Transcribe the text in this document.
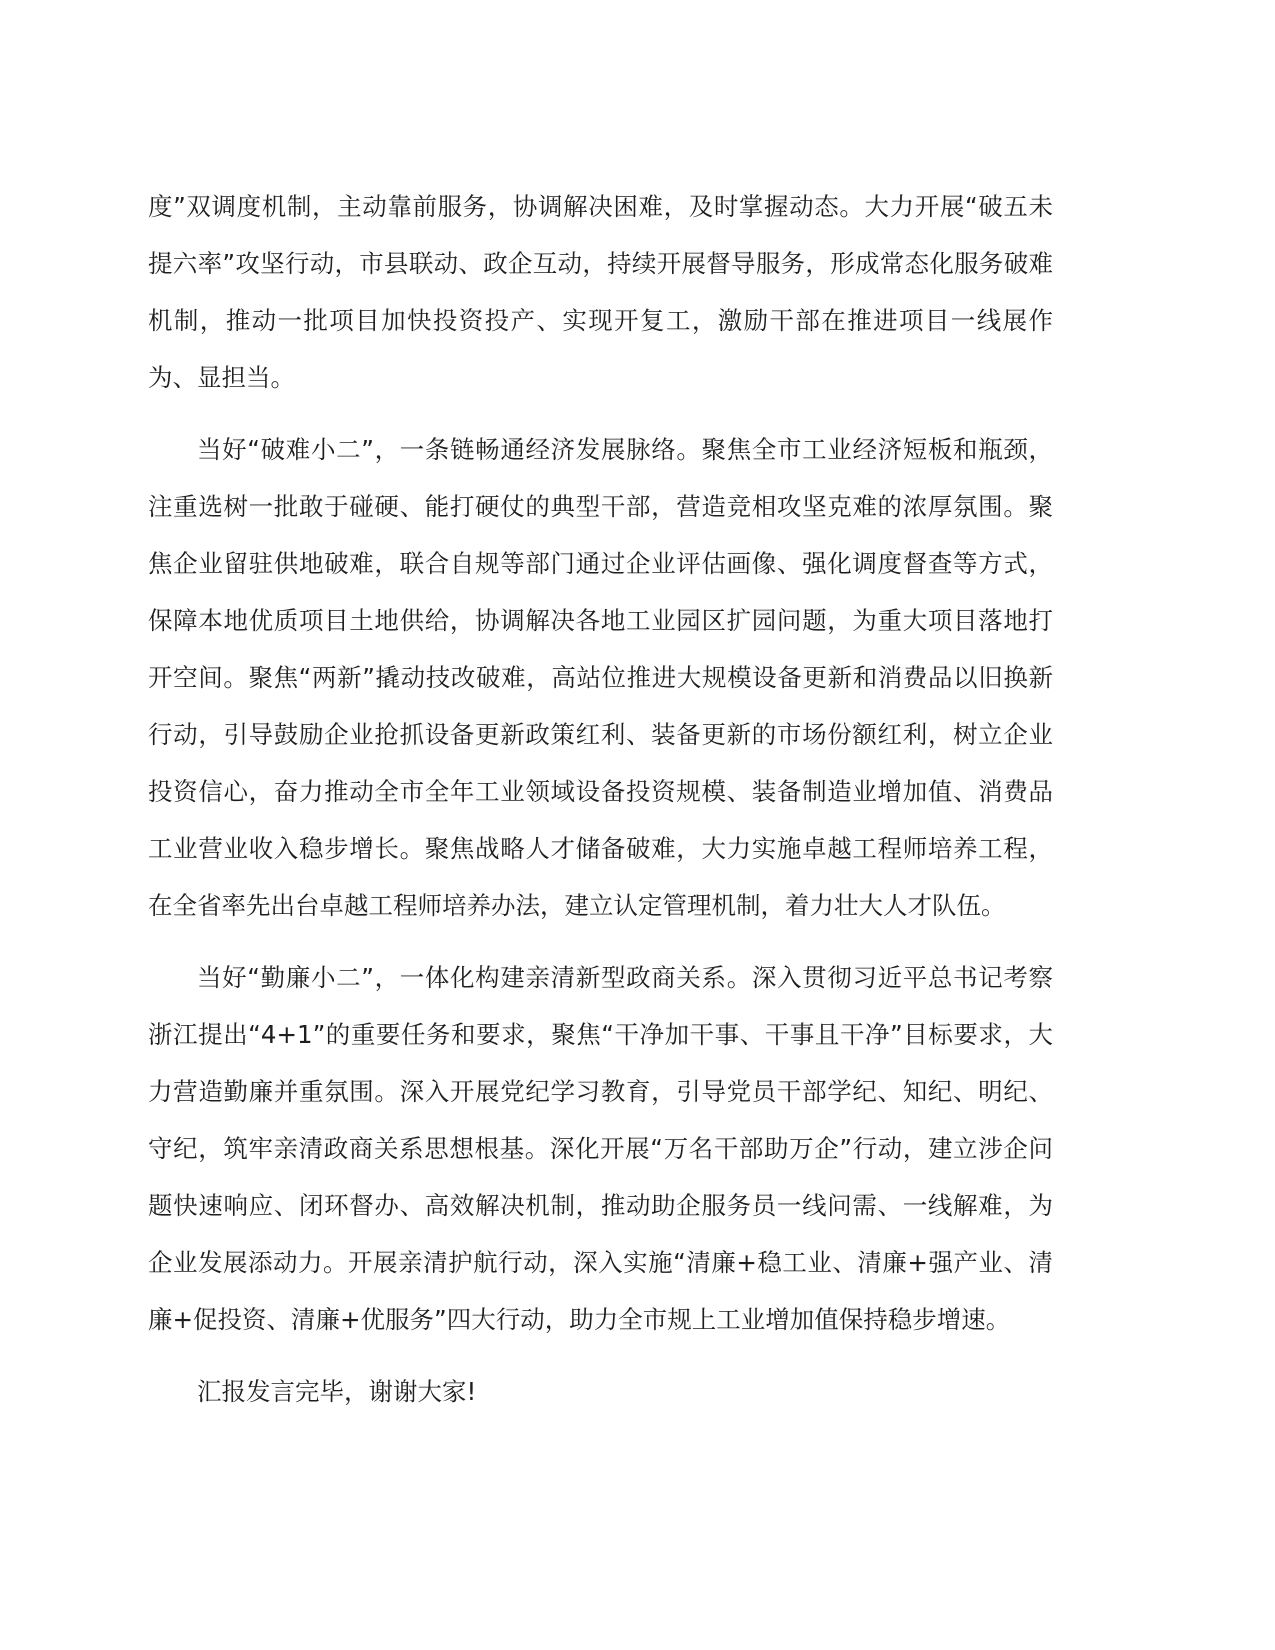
度”双调度机制，主动靠前服务，协调解决困难，及时掌握动态。大力开展“破五未提六率”攻坚行动，市县联动、政企互动，持续开展督导服务，形成常态化服务破难机制，推动一批项目加快投资投产、实现开复工，激励干部在推进项目一线展作为、显担当。

当好“破难小二”，一条链畅通经济发展脉络。聚焦全市工业经济短板和瓶颈，注重选树一批敢于碰硬、能打硬仗的典型干部，营造竞相攻坚克难的浓厚氛围。聚焦企业留驻供地破难，联合自规等部门通过企业评估画像、强化调度督查等方式，保障本地优质项目土地供给，协调解决各地工业园区扩园问题，为重大项目落地打开空间。聚焦“两新”撬动技改破难，高站位推进大规模设备更新和消费品以旧换新行动，引导鼓励企业抢抓设备更新政策红利、装备更新的市场份额红利，树立企业投资信心，奋力推动全市全年工业领域设备投资规模、装备制造业增加值、消费品工业营业收入稳步增长。聚焦战略人才储备破难，大力实施卓越工程师培养工程，在全省率先出台卓越工程师培养办法，建立认定管理机制，着力壮大人才队伍。

当好“勤廉小二”，一体化构建亲清新型政商关系。深入贯彻习近平总书记考察浙江提出“4+1”的重要任务和要求，聚焦“干净加干事、干事且干净”目标要求，大力营造勤廉并重氛围。深入开展党纪学习教育，引导党员干部学纪、知纪、明纪、守纪，筑牢亲清政商关系思想根基。深化开展“万名干部助万企”行动，建立涉企问题快速响应、闭环督办、高效解决机制，推动助企服务员一线问需、一线解难，为企业发展添动力。开展亲清护航行动，深入实施“清廉+稳工业、清廉+强产业、清廉+促投资、清廉+优服务”四大行动，助力全市规上工业增加值保持稳步增速。

汇报发言完毕，谢谢大家!
